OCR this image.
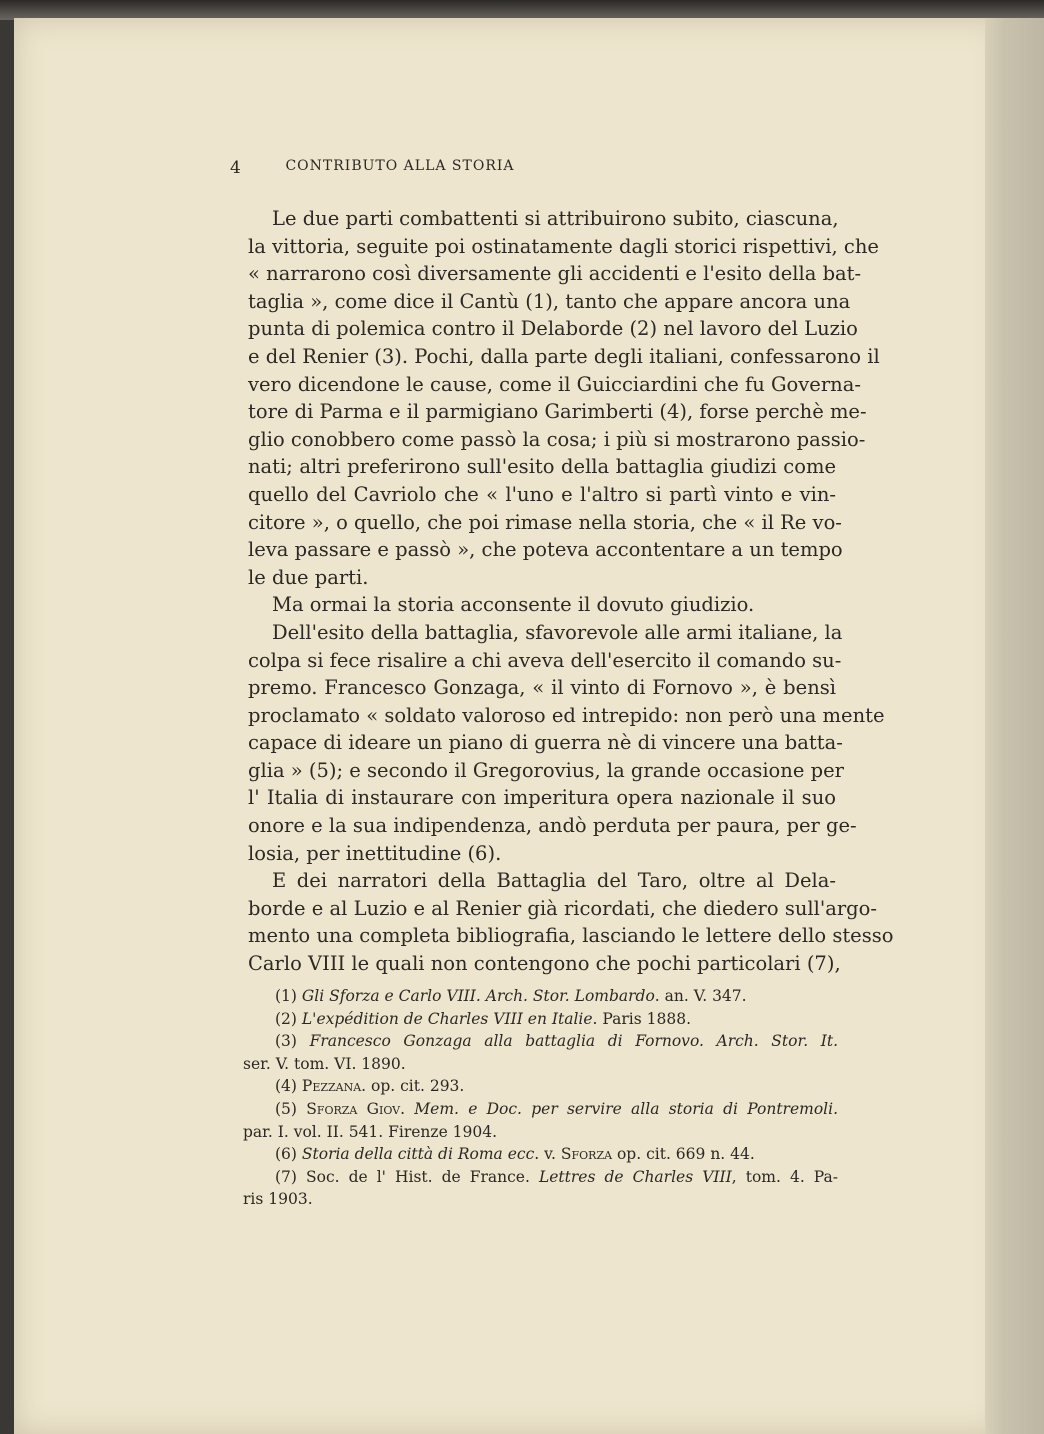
4	CONTRIBUTO ALLA STORIA
Le due parti combattenti si attribuirono subito, ciascuna,
la vittoria, seguite poi ostinatamente dagli storici rispettivi, che
« narrarono così diversamente gli accidenti e l'esito della bat-
taglia », come dice il Cantù (1), tanto che appare ancora una
punta di polemica contro il Delaborde (2) nel lavoro del Luzio
e del Renier (3). Pochi, dalla parte degli italiani, confessarono il
vero dicendone le cause, come il Guicciardini che fu Governa-
tore di Parma e il parmigiano Garimberti (4), forse perchè me-
glio conobbero come passò la cosa; i più si mostrarono passio-
nati; altri preferirono sull'esito della battaglia giudizi come
quello del Cavriolo che « l'uno e l'altro si partì vinto e vin-
citore », o quello, che poi rimase nella storia, che « il Re vo-
leva passare e passò », che poteva accontentare a un tempo
le due parti.
Ma ormai la storia acconsente il dovuto giudizio.
Dell'esito della battaglia, sfavorevole alle armi italiane, la
colpa si fece risalire a chi aveva dell'esercito il comando su-
premo. Francesco Gonzaga, « il vinto di Fornovo », è bensì
proclamato « soldato valoroso ed intrepido: non però una mente
capace di ideare un piano di guerra nè di vincere una batta-
glia » (5); e secondo il Gregorovius, la grande occasione per
l' Italia di instaurare con imperitura opera nazionale il suo
onore e la sua indipendenza, andò perduta per paura, per ge-
losia, per inettitudine (6).
E dei narratori della Battaglia del Taro, oltre al Dela-
borde e al Luzio e al Renier già ricordati, che diedero sull'argo-
mento una completa bibliografia, lasciando le lettere dello stesso
Carlo VIII le quali non contengono che pochi particolari (7),
(1) Gli Sforza e Carlo VIII. Arch. Stor. Lombardo. an. V. 347.
(2) L'expédition de Charles VIII en Italie. Paris 1888.
(3) Francesco Gonzaga alla battaglia di Fornovo. Arch. Stor. It.
ser. V. tom. VI. 1890.
(4) Pezzana. op. cit. 293.
(5) Sforza Giov. Mem. e Doc. per servire alla storia di Pontremoli.
par. I. vol. II. 541. Firenze 1904.
(6) Storia della città di Roma ecc. v. Sforza op. cit. 669 n. 44.
(7) Soc. de l' Hist. de France. Lettres de Charles VIII, tom. 4. Pa-
ris 1903.
